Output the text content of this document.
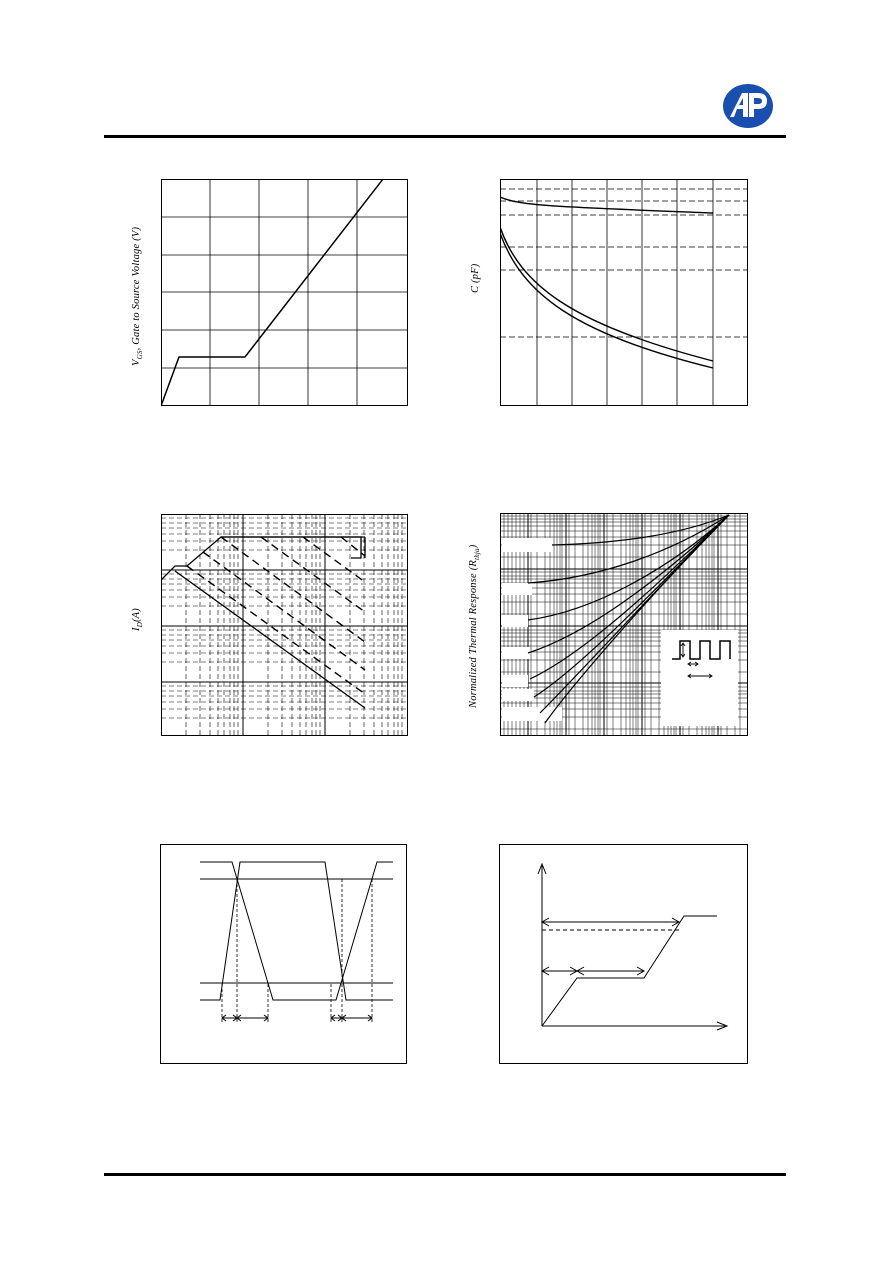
$V_{GS}$, Gate to Source Voltage (V)	C (pF)
$I_D(A)$	Normalized Thermal Response $(R_{thja})$
